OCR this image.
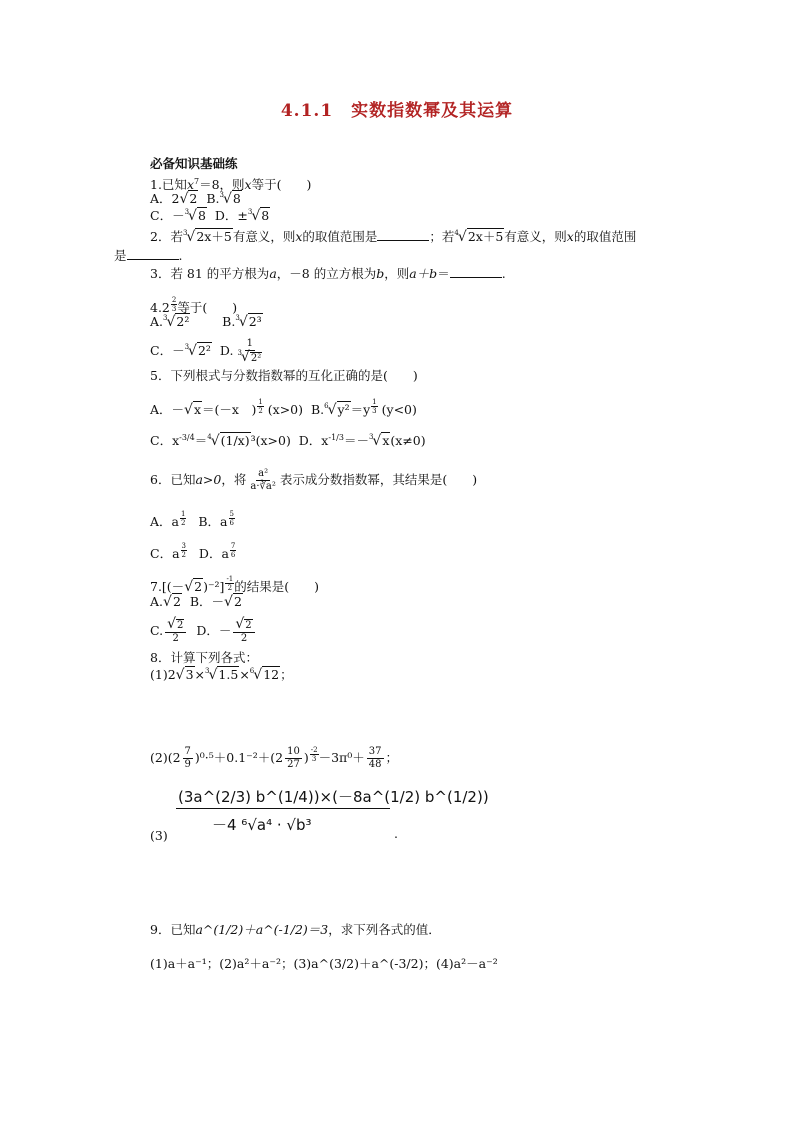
4.1.1　实数指数幂及其运算
必备知识基础练
1.已知$x^7=8$，则x等于(　　)
A．2√2 B.$^3$√8
C．－$^3$√8 D．±$^3$√8
2．若$^3$√2x＋5有意义，则x的取值范围是	；若$^4$√2x＋5有意义，则x的取值范围
是	.
3．若 81 的平方根为a，－8 的立方根为b，则a＋b＝	.
$4.2 \frac{2}{3}$ 等于(　　)
A.$^3$√2²	B.$^3$√2³
C．－$^3$√2² D. $\frac{1}{^3√2^2}$
5．下列根式与分数指数幂的互化正确的是(　　)
A．－√x＝(－x　) $\frac{1}{2} (x>0)$ $B.^6√y^2=y \frac{1}{3} (y<0)$
C．$x^{-3/4}=^4√(1/x)^3(x>0)$ D．$x^{-1/3}=-^3√x(x\ne 0)$
6．已知a>0，将 $\frac{\text{a²}}{\text{a·∛a²}}$ 表示成分数指数幂，其结果是(　　)
A．a $\frac{1}{2}$ B．a $\frac{5}{6}$
C．a $\frac{3}{2}$ D．a $\frac{7}{6}$
$7.[(-√2)^{-2}] \frac{-1}{2}$ 的结果是(　　)
A.√2 B．－√2
C. $\frac{√2}{2}$ D．－ $\frac{√2}{2}$
8．计算下列各式：
(1)2√3×$^3$√1.5×$^6$√12；
$(2)(2 \frac{7}{9} )^0\cdot^5+0.1^{-2}+(2 \frac{10}{27}$ ) $\frac{-2}{3} -3\pi^0+ \frac{37}{48}$ ；
(3a^(2/3) b^(1/4))×(－8a^(1/2) b^(1/2))
(3)
－4 ⁶√a⁴ · √b³	.
9．已知a^(1/2)＋a^(-1/2)＝3，求下列各式的值．
(1)a＋a⁻¹；(2)a²＋a⁻²；(3)a^(3/2)＋a^(-3/2)；(4)a²－a⁻²
